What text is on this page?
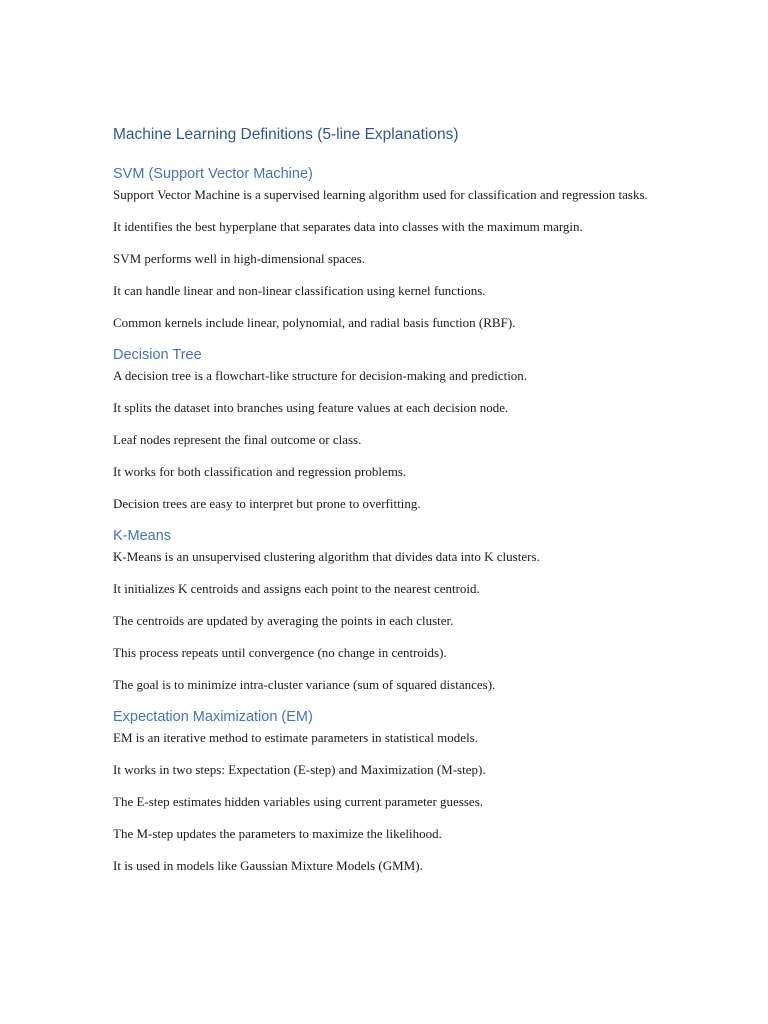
Machine Learning Definitions (5-line Explanations)
SVM (Support Vector Machine)

Support Vector Machine is a supervised learning algorithm used for classification and regression tasks.

It identifies the best hyperplane that separates data into classes with the maximum margin.

SVM performs well in high-dimensional spaces.

It can handle linear and non-linear classification using kernel functions.

Common kernels include linear, polynomial, and radial basis function (RBF).

Decision Tree

A decision tree is a flowchart-like structure for decision-making and prediction.

It splits the dataset into branches using feature values at each decision node.

Leaf nodes represent the final outcome or class.

It works for both classification and regression problems.

Decision trees are easy to interpret but prone to overfitting.

K-Means

K-Means is an unsupervised clustering algorithm that divides data into K clusters.

It initializes K centroids and assigns each point to the nearest centroid.

The centroids are updated by averaging the points in each cluster.

This process repeats until convergence (no change in centroids).

The goal is to minimize intra-cluster variance (sum of squared distances).

Expectation Maximization (EM)

EM is an iterative method to estimate parameters in statistical models.

It works in two steps: Expectation (E-step) and Maximization (M-step).

The E-step estimates hidden variables using current parameter guesses.

The M-step updates the parameters to maximize the likelihood.

It is used in models like Gaussian Mixture Models (GMM).
